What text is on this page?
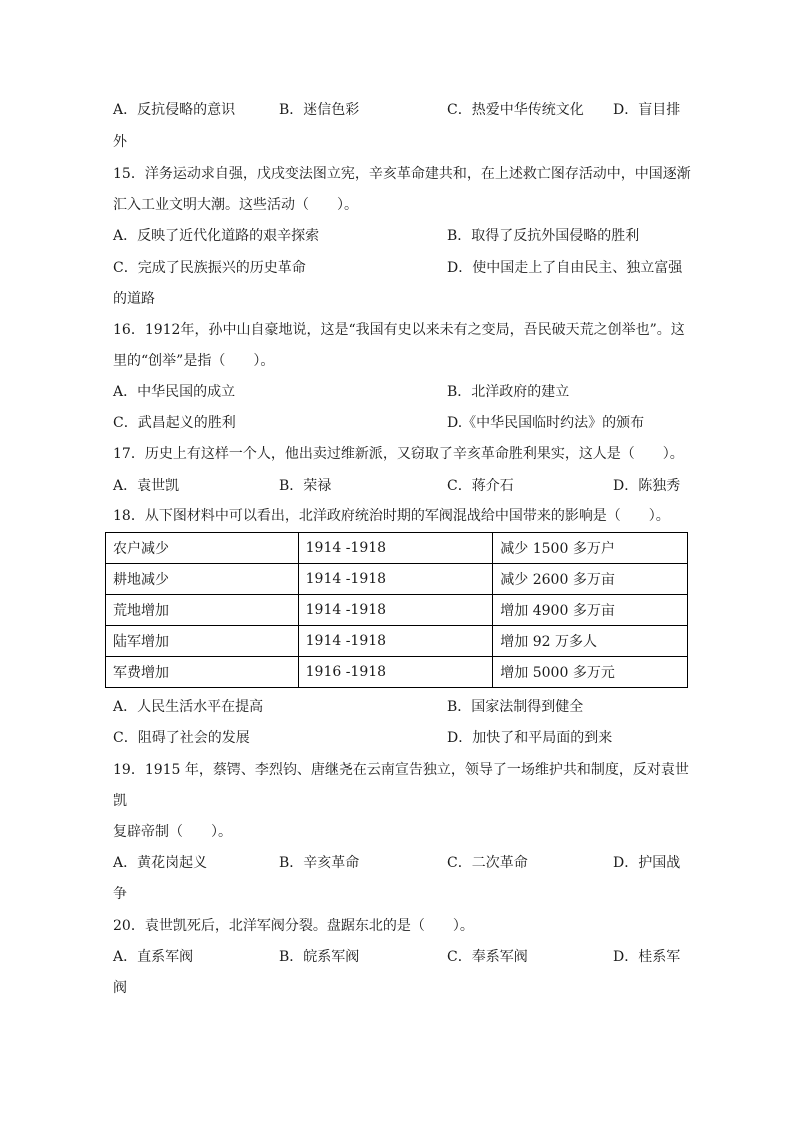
A．反抗侵略的意识	B．迷信色彩	C．热爱中华传统文化 D．盲目排
外
15．洋务运动求自强，戊戌变法图立宪，辛亥革命建共和，在上述救亡图存活动中，中国逐渐
汇入工业文明大潮。这些活动（　　）。
A．反映了近代化道路的艰辛探索	B．取得了反抗外国侵略的胜利
C．完成了民族振兴的历史革命	D．使中国走上了自由民主、独立富强
的道路
16．1912年，孙中山自豪地说，这是“我国有史以来未有之变局，吾民破天荒之创举也”。这
里的“创举”是指（　　）。
A．中华民国的成立	B．北洋政府的建立
C．武昌起义的胜利	D.《中华民国临时约法》的颁布
17．历史上有这样一个人，他出卖过维新派，又窃取了辛亥革命胜利果实，这人是（　　）。
A．袁世凯	B．荣禄	C．蒋介石	D．陈独秀
18．从下图材料中可以看出，北洋政府统治时期的军阀混战给中国带来的影响是（　　）。
农户减少	1914 -1918	减少 1500 多万户
耕地减少	1914 -1918	减少 2600 多万亩
荒地增加	1914 -1918	增加 4900 多万亩
陆军增加	1914 -1918	增加 92 万多人
军费增加	1916 -1918	增加 5000 多万元
A．人民生活水平在提高	B．国家法制得到健全
C．阻碍了社会的发展	D．加快了和平局面的到来
19．1915 年，蔡锷、李烈钧、唐继尧在云南宣告独立，领导了一场维护共和制度，反对袁世
凯
复辟帝制（　　）。
A．黄花岗起义	B．辛亥革命	C．二次革命	D．护国战
争
20．袁世凯死后，北洋军阀分裂。盘踞东北的是（　　）。
A．直系军阀	B．皖系军阀	C．奉系军阀	D．桂系军
阀
